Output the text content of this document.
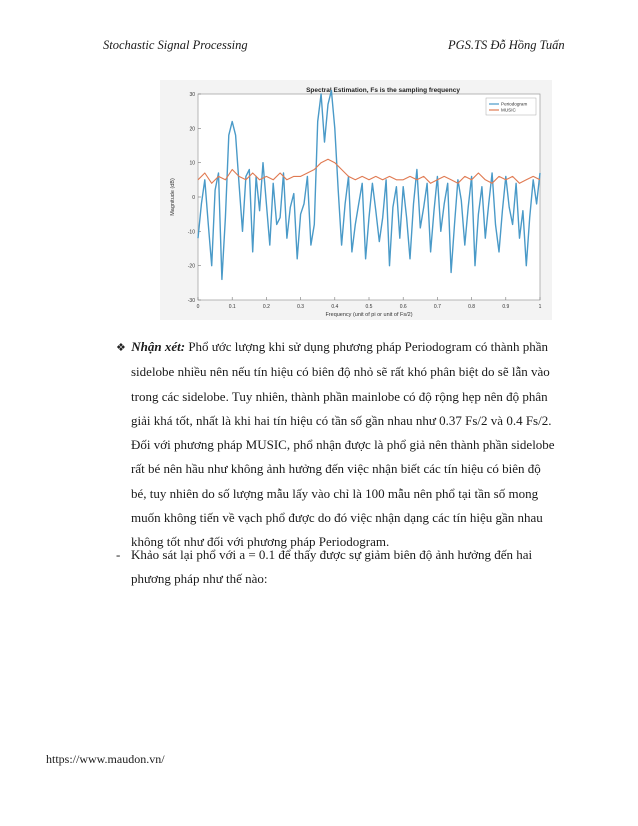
Stochastic Signal Processing	PGS.TS Đỗ Hồng Tuấn
Spectral Estimation, Fs is the sampling frequency
30
20
10
0
-10
-20
-30
0	0.1	0.2	0.3	0.4	0.5	0.6	0.7	0.8	0.9	1
Frequency (unit of pi or unit of Fs/2)
Magnitude (dB)
Periodogram
MUSIC
❖ Nhận xét: Phổ ước lượng khi sử dụng phương pháp Periodogram có thành phần
sidelobe nhiều nên nếu tín hiệu có biên độ nhỏ sẽ rất khó phân biệt do sẽ lẫn vào
trong các sidelobe. Tuy nhiên, thành phần mainlobe có độ rộng hẹp nên độ phân
giải khá tốt, nhất là khi hai tín hiệu có tần số gần nhau như 0.37 Fs/2 và 0.4 Fs/2.
Đối với phương pháp MUSIC, phổ nhận được là phổ giả nên thành phần sidelobe
rất bé nên hầu như không ảnh hưởng đến việc nhận biết các tín hiệu có biên độ
bé, tuy nhiên do số lượng mẫu lấy vào chỉ là 100 mẫu nên phổ tại tần số mong
muốn không tiến về vạch phổ được do đó việc nhận dạng các tín hiệu gần nhau
không tốt như đối với phương pháp Periodogram.
- Khảo sát lại phổ với a = 0.1 để thấy được sự giảm biên độ ảnh hưởng đến hai
phương pháp như thế nào:
https://www.maudon.vn/
